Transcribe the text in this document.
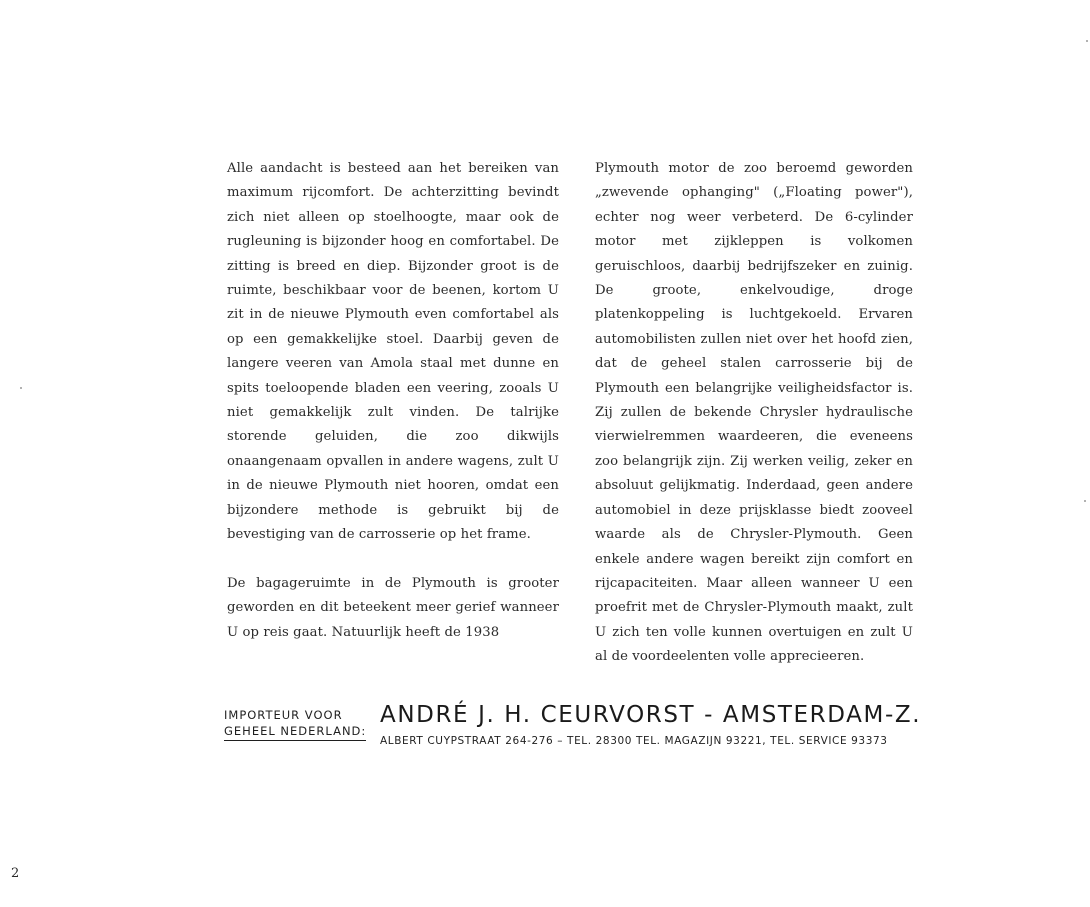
Alle aandacht is besteed aan het bereiken van maximum rijcomfort. De achterzitting bevindt zich niet alleen op stoelhoogte, maar ook de rugleuning is bijzonder hoog en comfortabel. De zitting is breed en diep. Bijzonder groot is de ruimte, beschikbaar voor de beenen, kortom U zit in de nieuwe Plymouth even comfortabel als op een gemakkelijke stoel. Daarbij geven de langere veeren van Amola staal met dunne en spits toeloopende bladen een veering, zooals U niet gemakkelijk zult vinden. De talrijke storende geluiden, die zoo dikwijls onaangenaam opvallen in andere wagens, zult U in de nieuwe Plymouth niet hooren, omdat een bijzondere methode is gebruikt bij de bevestiging van de carrosserie op het frame.

De bagageruimte in de Plymouth is grooter geworden en dit beteekent meer gerief wanneer U op reis gaat. Natuurlijk heeft de 1938

Plymouth motor de zoo beroemd geworden „zwevende ophanging" („Floating power"), echter nog weer verbeterd. De 6-cylinder motor met zijkleppen is volkomen geruischloos, daarbij bedrijfszeker en zuinig. De groote, enkelvoudige, droge platenkoppeling is luchtgekoeld. Ervaren automobilisten zullen niet over het hoofd zien, dat de geheel stalen carrosserie bij de Plymouth een belangrijke veiligheidsfactor is. Zij zullen de bekende Chrysler hydraulische vierwielremmen waardeeren, die eveneens zoo belangrijk zijn. Zij werken veilig, zeker en absoluut gelijkmatig. Inderdaad, geen andere automobiel in deze prijsklasse biedt zooveel waarde als de Chrysler-Plymouth. Geen enkele andere wagen bereikt zijn comfort en rijcapaciteiten. Maar alleen wanneer U een proefrit met de Chrysler-Plymouth maakt, zult U zich ten volle kunnen overtuigen en zult U al de voordeelenten volle apprecieeren.

IMPORTEUR VOOR
GEHEEL NEDERLAND:
ANDRÉ J. H. CEURVORST - AMSTERDAM-Z.
ALBERT CUYPSTRAAT 264-276 – TEL. 28300 TEL. MAGAZIJN 93221, TEL. SERVICE 93373
2
